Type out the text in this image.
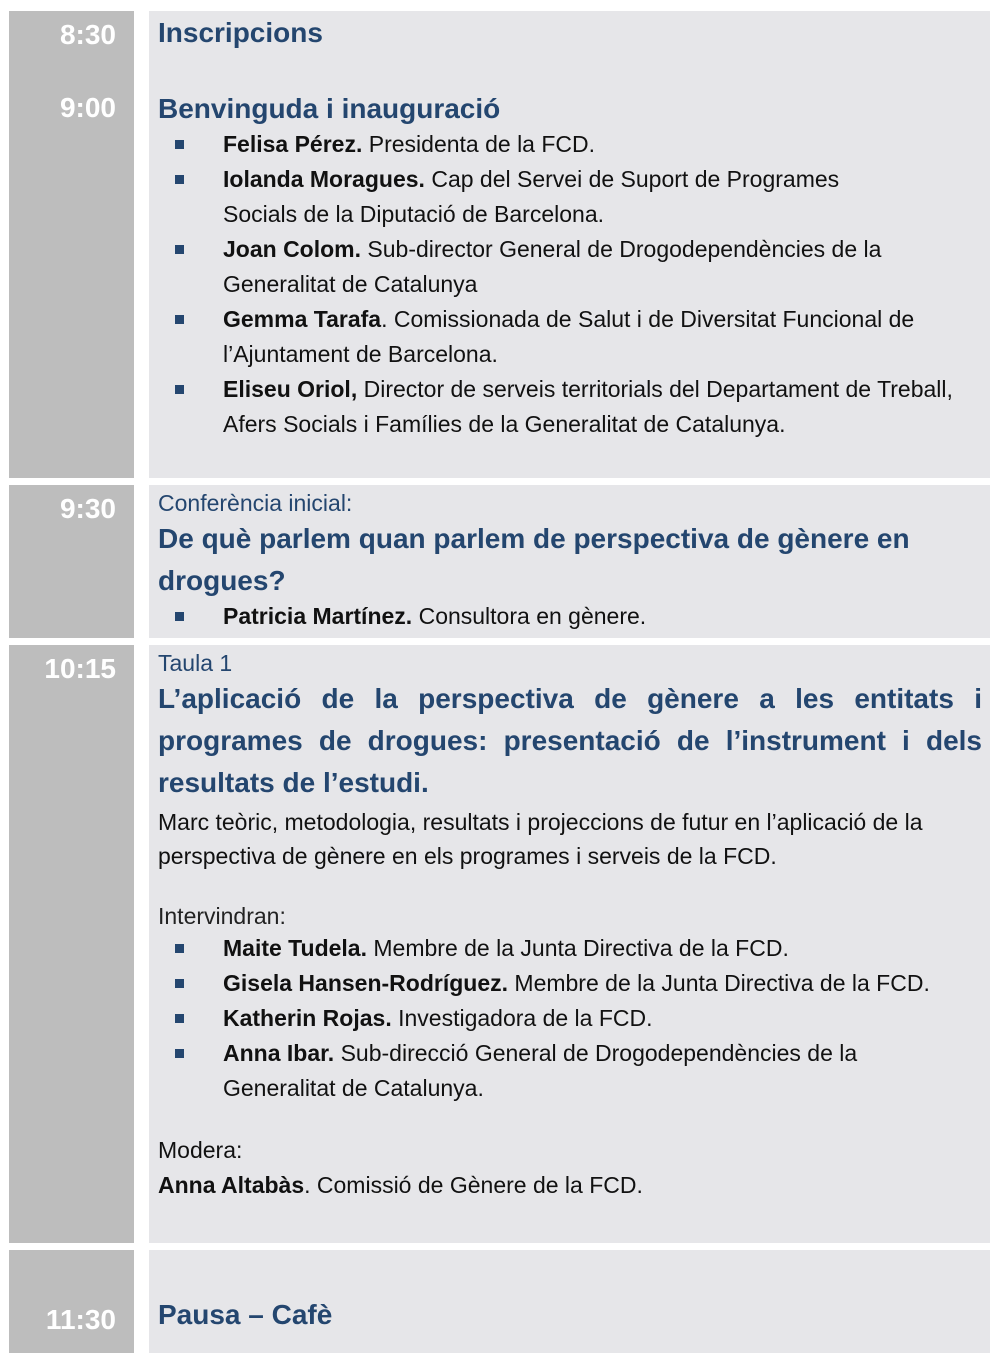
8:30
9:00
Inscripcions
Benvinguda i inauguració
Felisa Pérez. Presidenta de la FCD.
Iolanda Moragues. Cap del Servei de Suport de Programes Socials de la Diputació de Barcelona.
Joan Colom. Sub-director General de Drogodependències de la Generalitat de Catalunya
Gemma Tarafa. Comissionada de Salut i de Diversitat Funcional de l’Ajuntament de Barcelona.
Eliseu Oriol, Director de serveis territorials del Departament de Treball, Afers Socials i Famílies de la Generalitat de Catalunya.
9:30 Conferència inicial:
De què parlem quan parlem de perspectiva de gènere en drogues?
Patricia Martínez. Consultora en gènere.
10:15 Taula 1
L’aplicació de la perspectiva de gènere a les entitats i programes de drogues: presentació de l’instrument i dels resultats de l’estudi.
Marc teòric, metodologia, resultats i projeccions de futur en l’aplicació de la perspectiva de gènere en els programes i serveis de la FCD.
Intervindran:
Maite Tudela. Membre de la Junta Directiva de la FCD.
Gisela Hansen-Rodríguez. Membre de la Junta Directiva de la FCD.
Katherin Rojas. Investigadora de la FCD.
Anna Ibar. Sub-direcció General de Drogodependències de la Generalitat de Catalunya.
Modera:
Anna Altabàs. Comissió de Gènere de la FCD.
11:30 Pausa – Cafè
